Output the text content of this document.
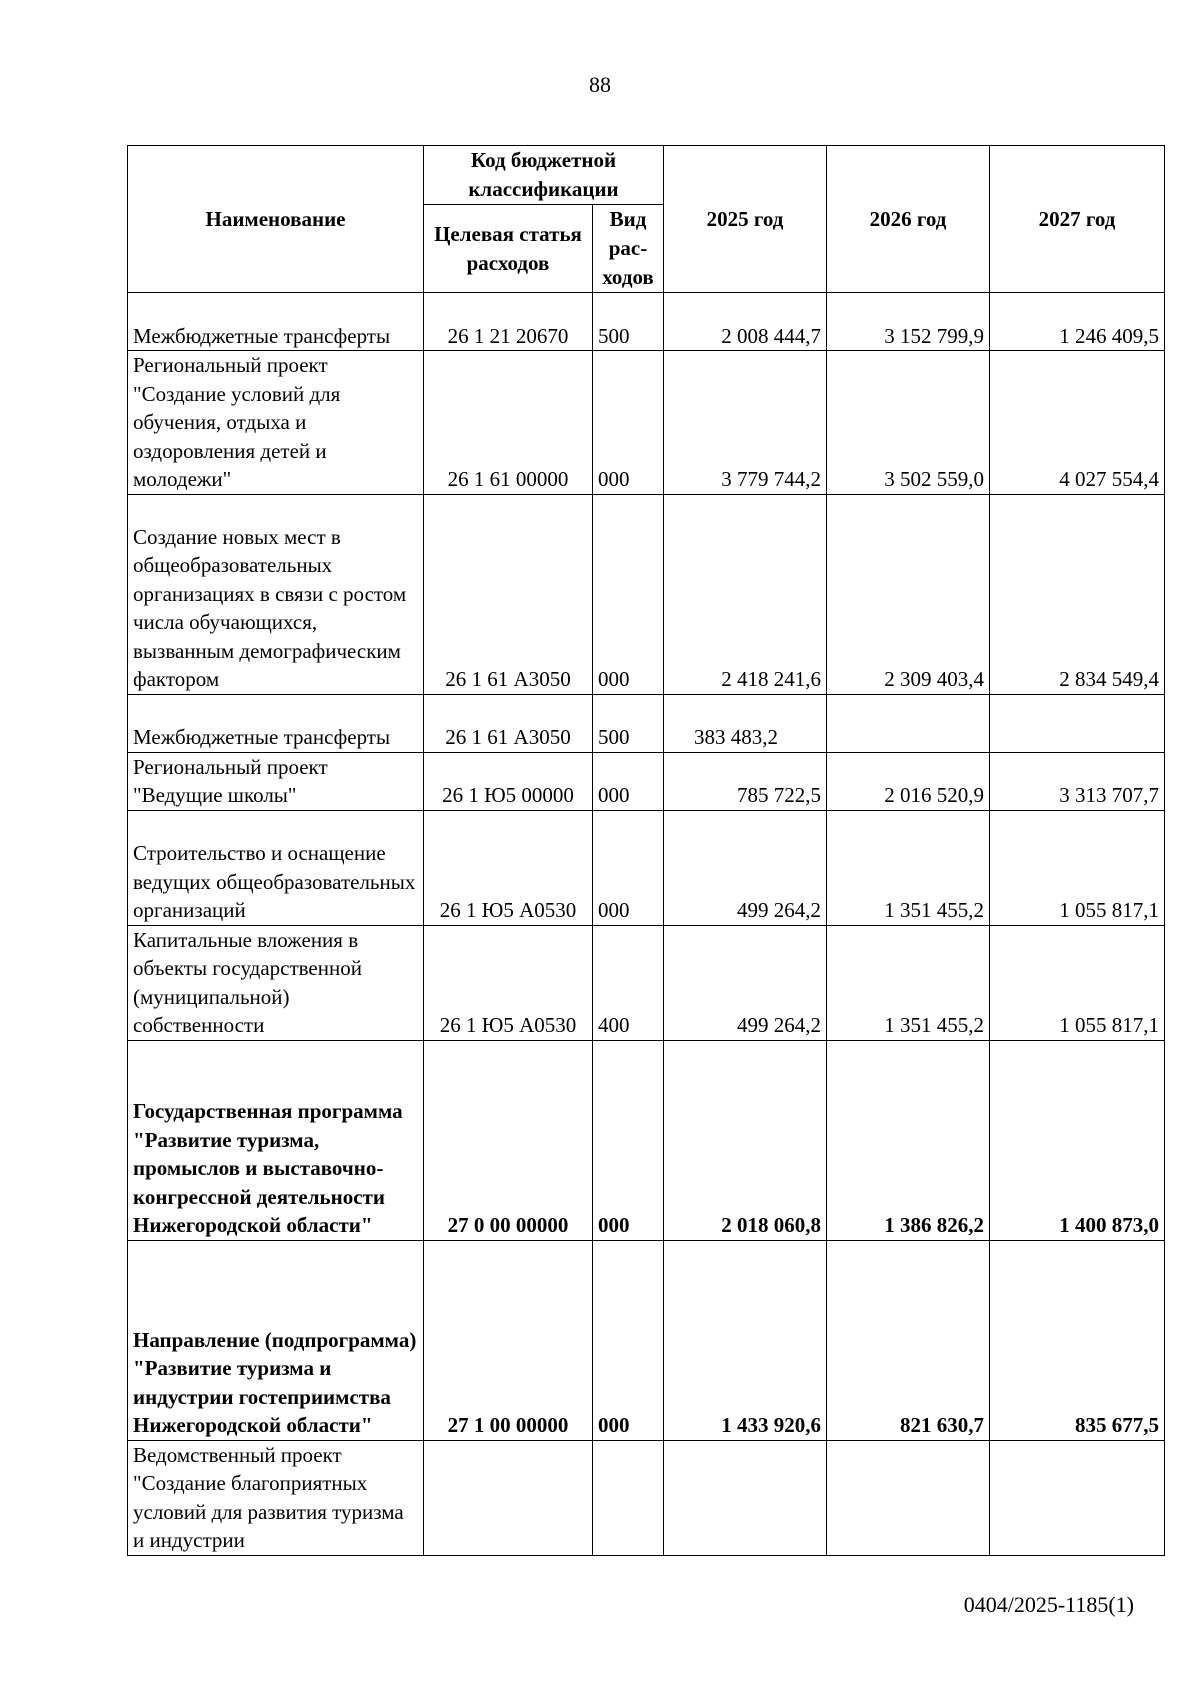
88
Наименование	Код бюджетной классификации		2025 год	2026 год	2027 год
	Целевая статья расходов	Вид рас-ходов			
Межбюджетные трансферты	26 1 21 20670	500	2 008 444,7	3 152 799,9	1 246 409,5
Региональный проект "Создание условий для обучения, отдыха и оздоровления детей и молодежи"	26 1 61 00000	000	3 779 744,2	3 502 559,0	4 027 554,4
Создание новых мест в общеобразовательных организациях в связи с ростом числа обучающихся, вызванным демографическим фактором	26 1 61 А3050	000	2 418 241,6	2 309 403,4	2 834 549,4
Межбюджетные трансферты	26 1 61 А3050	500	383 483,2		
Региональный проект "Ведущие школы"	26 1 Ю5 00000	000	785 722,5	2 016 520,9	3 313 707,7
Строительство и оснащение ведущих общеобразовательных организаций	26 1 Ю5 А0530	000	499 264,2	1 351 455,2	1 055 817,1
Капитальные вложения в объекты государственной (муниципальной) собственности	26 1 Ю5 А0530	400	499 264,2	1 351 455,2	1 055 817,1
Государственная программа "Развитие туризма, промыслов и выставочно-конгрессной деятельности Нижегородской области"	27 0 00 00000	000	2 018 060,8	1 386 826,2	1 400 873,0
Направление (подпрограмма) "Развитие туризма и индустрии гостеприимства Нижегородской области"	27 1 00 00000	000	1 433 920,6	821 630,7	835 677,5
Ведомственный проект "Создание благоприятных условий для развития туризма и индустрии					
0404/2025-1185(1)
